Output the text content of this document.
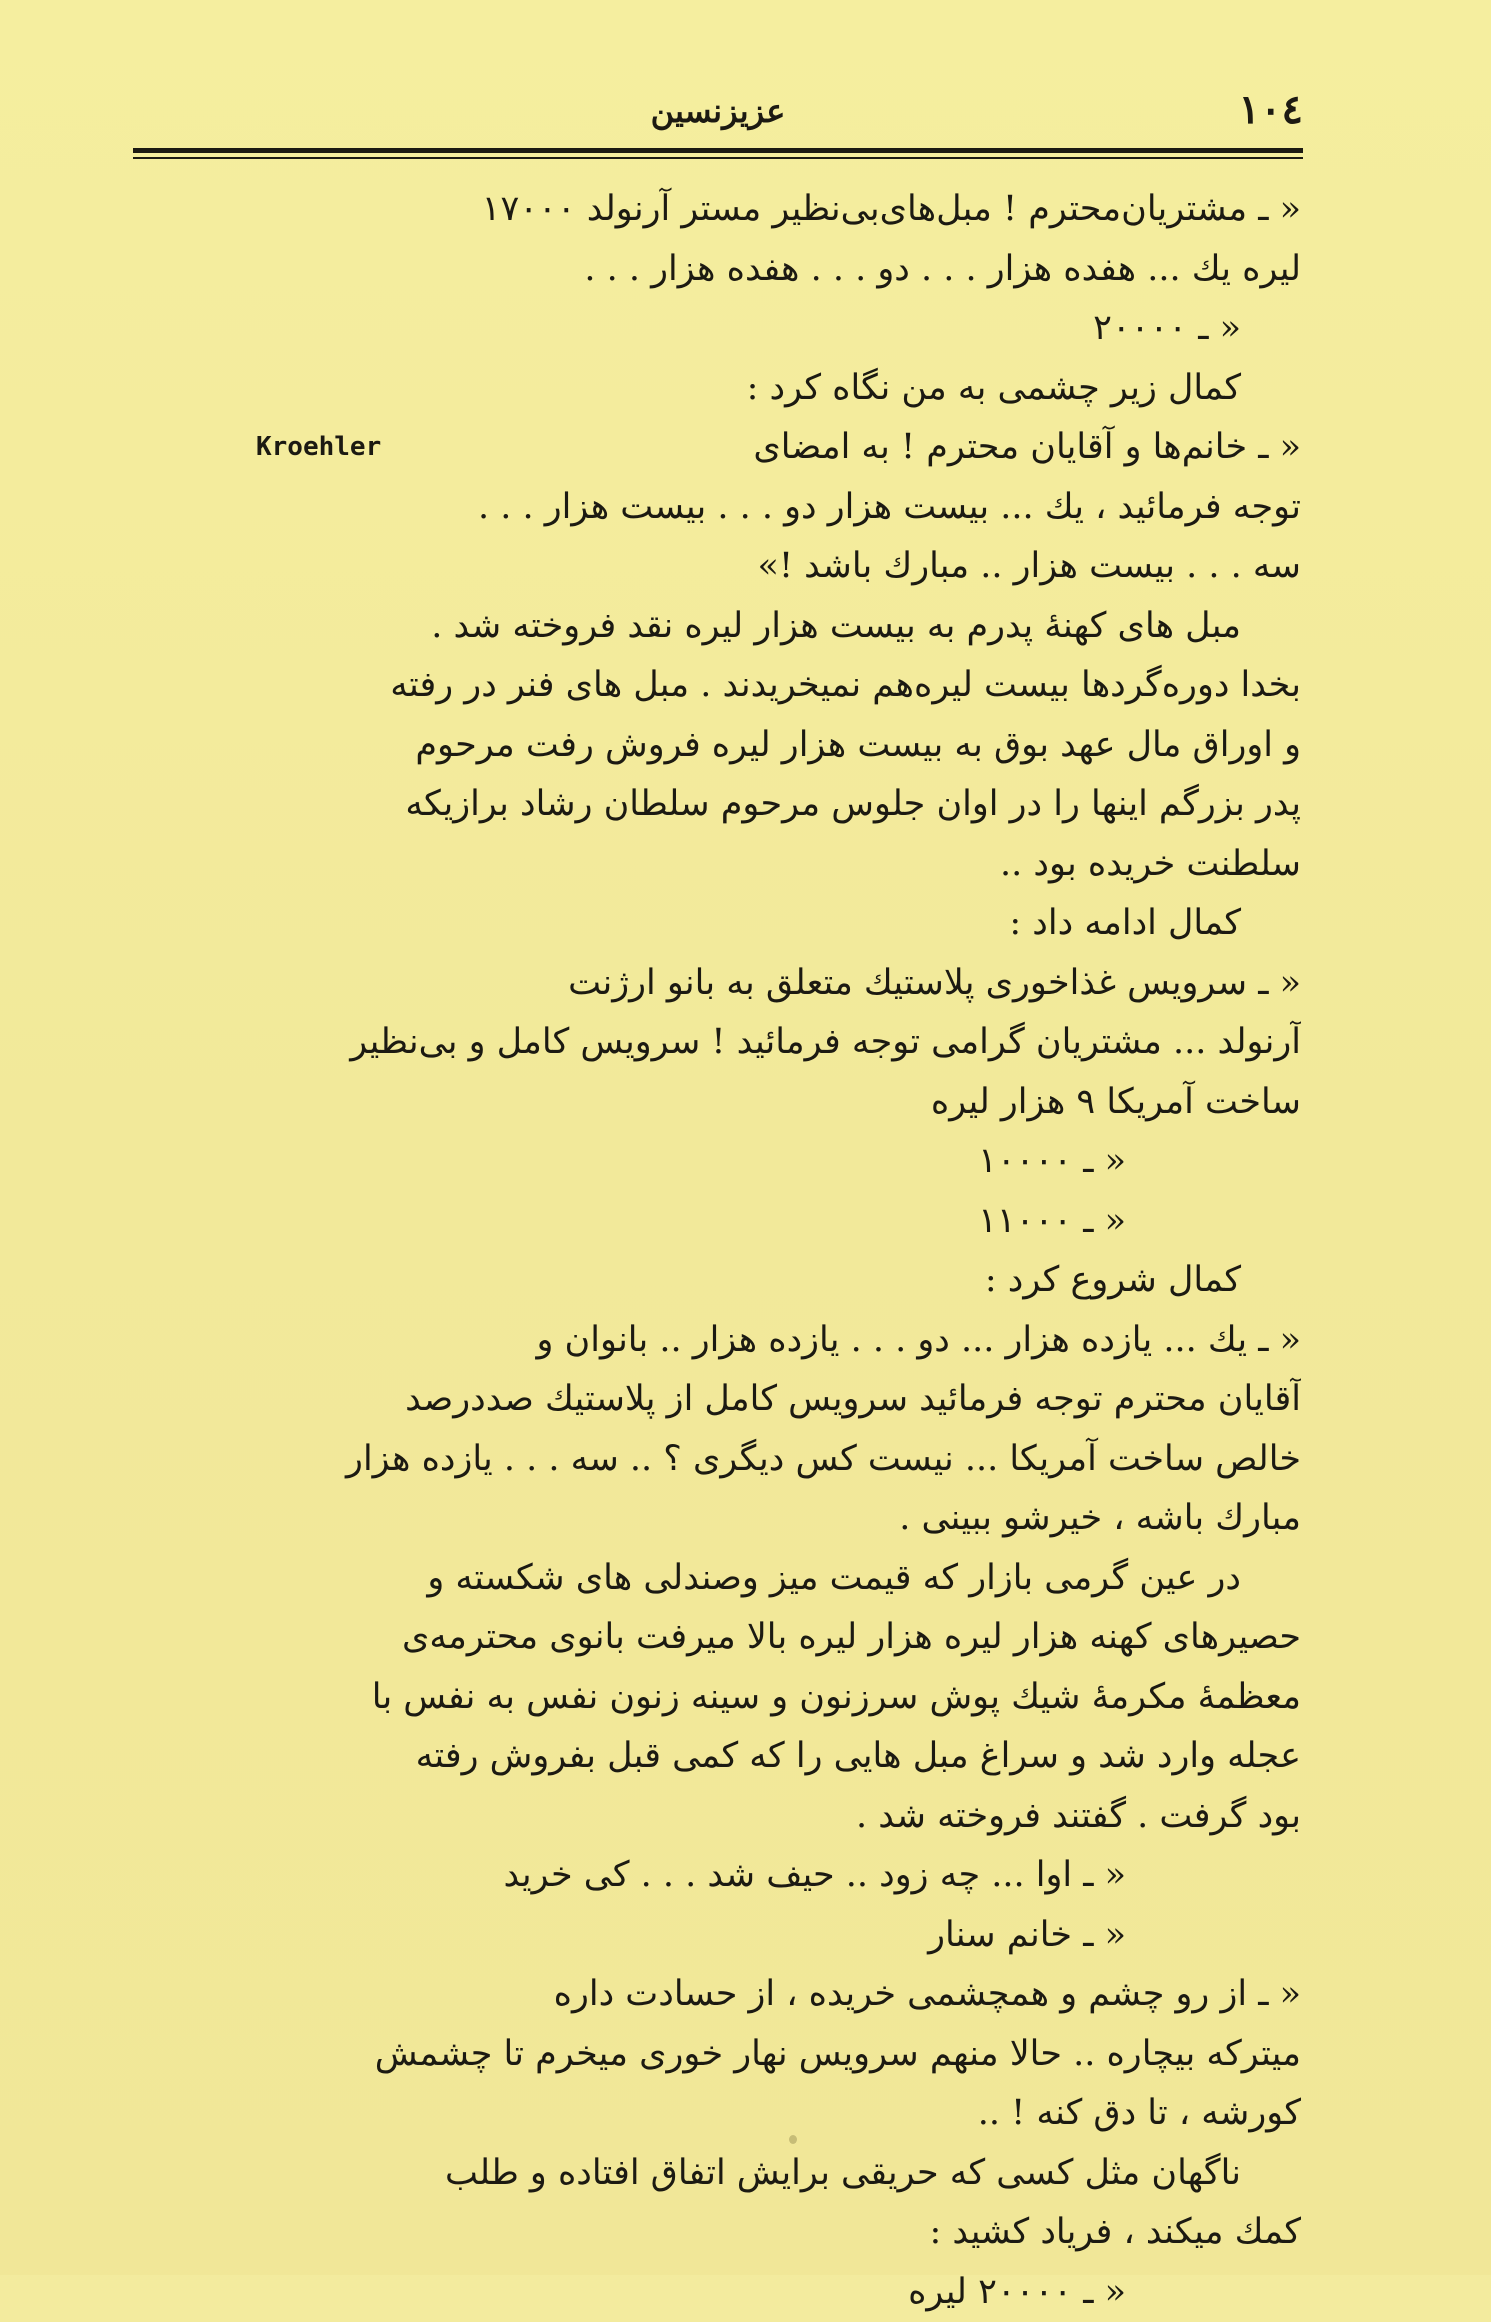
١٠٤
عزیزنسین
« ـ مشتریان‌محترم ! مبل‌های‌بی‌نظیر مستر آرنولد ۱۷۰۰۰
لیره یك ... هفده هزار . . . دو . . . هفده هزار . . .
« ـ ۲۰۰۰۰
کمال زیر چشمی به من نگاه کرد :
« ـ خانم‌ها و آقایان محترم ! به امضای
Kroehler
توجه فرمائید ، یك ... بیست هزار دو . . . بیست هزار . . .
سه . . . بیست هزار .. مبارك باشد !»
مبل های کهنهٔ پدرم به بیست هزار لیره نقد فروخته شد .
بخدا دوره‌گردها بیست لیره‌هم نمیخریدند . مبل های فنر در رفته
و اوراق مال عهد بوق به بیست هزار لیره فروش رفت مرحوم
پدر بزرگم اینها را در اوان جلوس مرحوم سلطان رشاد برازیکه
سلطنت خریده بود ..
کمال ادامه داد :
« ـ سرویس غذاخوری پلاستیك متعلق به بانو ارژنت
آرنولد ... مشتریان گرامی توجه فرمائید ! سرویس کامل و بی‌نظیر
ساخت آمریکا ۹ هزار لیره
« ـ ۱۰۰۰۰
« ـ ۱۱۰۰۰
کمال شروع کرد :
« ـ یك ... یازده هزار ... دو . . . یازده هزار .. بانوان و
آقایان محترم توجه فرمائید سرویس کامل از پلاستیك صددرصد
خالص ساخت آمریکا ... نیست کس دیگری ؟ .. سه . . . یازده هزار
مبارك باشه ، خیرشو ببینی .
در عین گرمی بازار که قیمت میز وصندلی های شکسته و
حصیرهای کهنه هزار لیره هزار لیره بالا میرفت بانوی محترمه‌ی
معظمهٔ مکرمهٔ شیك پوش سرزنون و سینه زنون نفس به نفس با
عجله وارد شد و سراغ مبل هایی را که کمی قبل بفروش رفته
بود گرفت . گفتند فروخته شد .
« ـ اوا ... چه زود .. حیف شد . . . کی خرید
« ـ خانم سنار
« ـ از رو چشم و همچشمی خریده ، از حسادت داره
میترکه بیچاره .. حالا منهم سرویس نهار خوری میخرم تا چشمش
کورشه ، تا دق کنه ! ..
ناگهان مثل کسی که حریقی برایش اتفاق افتاده و طلب
کمك میکند ، فریاد کشید :
« ـ ۲۰۰۰۰ لیره
